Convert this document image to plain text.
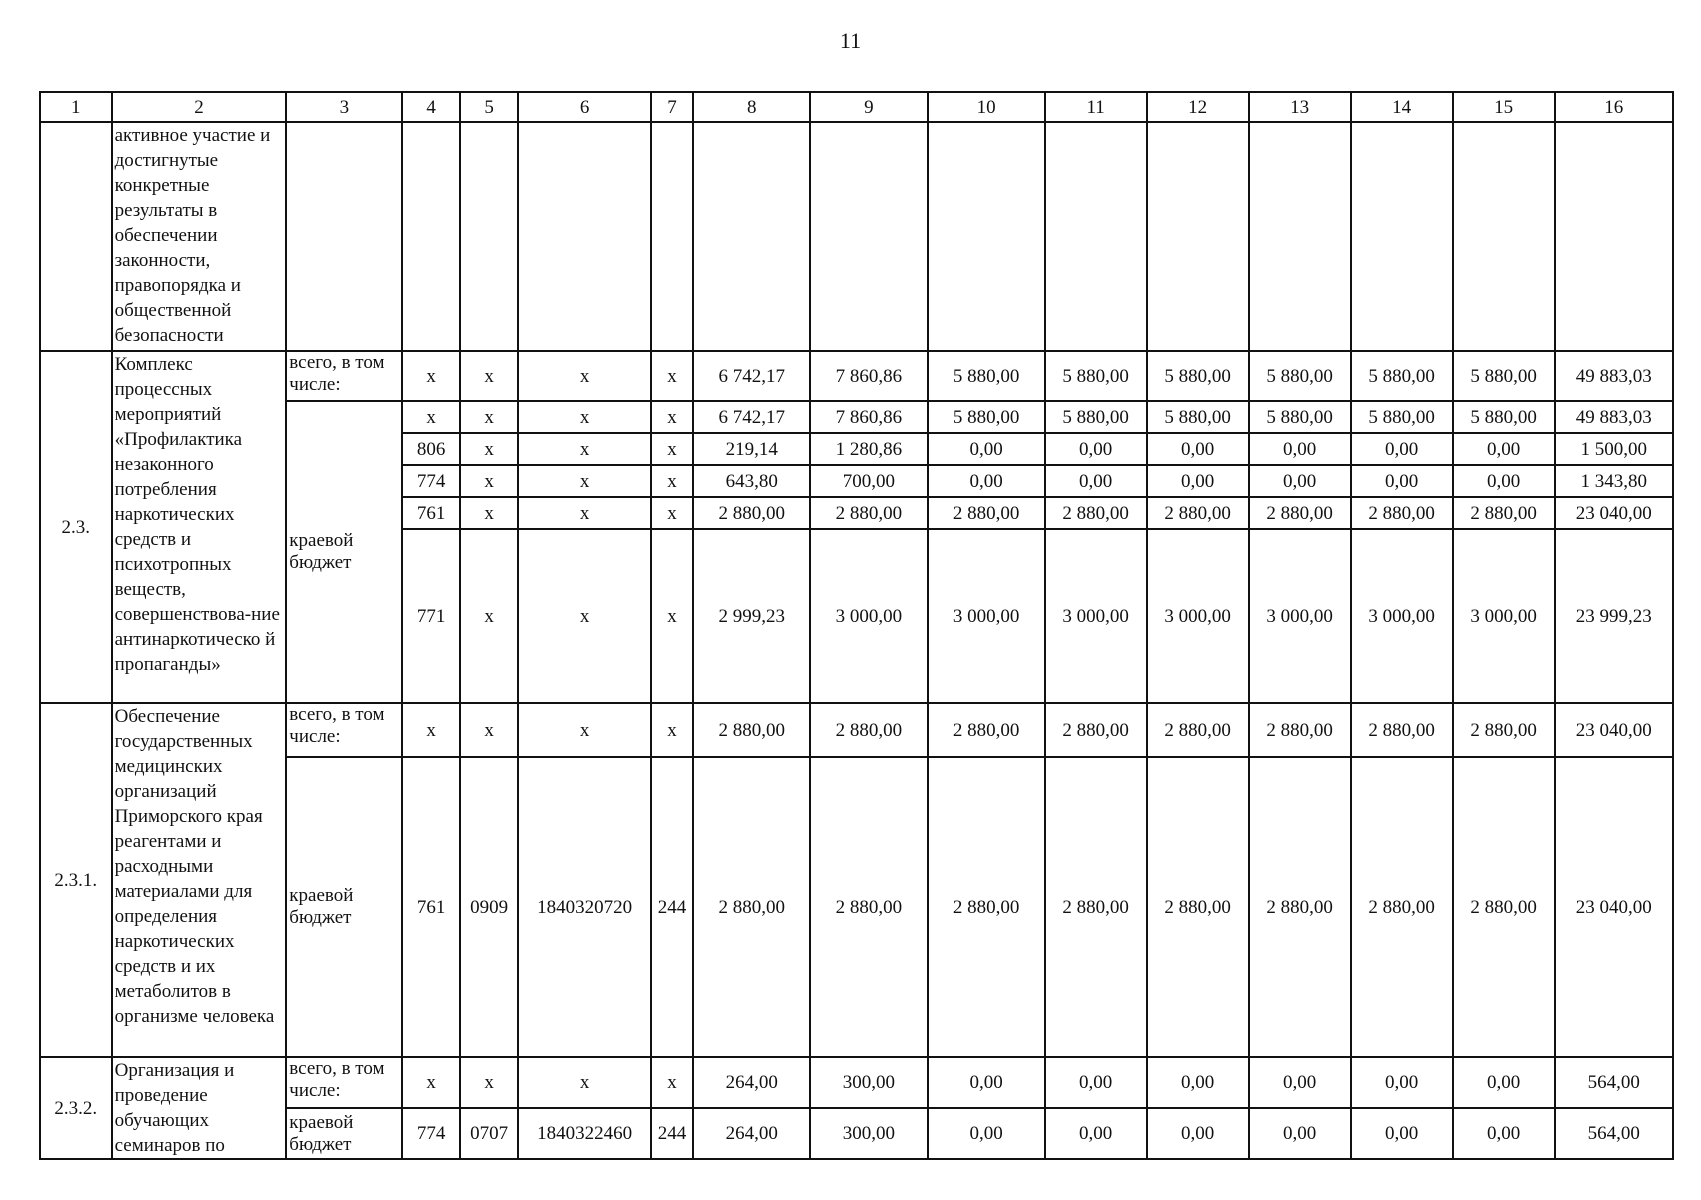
11
1	2	3	4	5	6	7	8	9	10	11	12	13	14	15	16
	активное участие и достигнутые конкретные результаты в обеспечении законности, правопорядка и общественной безопасности														
2.3.	Комплекс процессных мероприятий «Профилактика незаконного потребления наркотических средств и психотропных веществ, совершенствова-ние антинаркотическо й пропаганды»	всего, в том числе:	x	x	x	x	6 742,17	7 860,86	5 880,00	5 880,00	5 880,00	5 880,00	5 880,00	5 880,00	49 883,03
		краевой бюджет	x	x	x	x	6 742,17	7 860,86	5 880,00	5 880,00	5 880,00	5 880,00	5 880,00	5 880,00	49 883,03
			806	x	x	x	219,14	1 280,86	0,00	0,00	0,00	0,00	0,00	0,00	1 500,00
			774	x	x	x	643,80	700,00	0,00	0,00	0,00	0,00	0,00	0,00	1 343,80
			761	x	x	x	2 880,00	2 880,00	2 880,00	2 880,00	2 880,00	2 880,00	2 880,00	2 880,00	23 040,00
			771	x	x	x	2 999,23	3 000,00	3 000,00	3 000,00	3 000,00	3 000,00	3 000,00	3 000,00	23 999,23
2.3.1.	Обеспечение государственных медицинских организаций Приморского края реагентами и расходными материалами для определения наркотических средств и их метаболитов в организме человека	всего, в том числе:	x	x	x	x	2 880,00	2 880,00	2 880,00	2 880,00	2 880,00	2 880,00	2 880,00	2 880,00	23 040,00
		краевой бюджет	761	0909	1840320720	244	2 880,00	2 880,00	2 880,00	2 880,00	2 880,00	2 880,00	2 880,00	2 880,00	23 040,00
2.3.2.	Организация и проведение обучающих семинаров по	всего, в том числе:	x	x	x	x	264,00	300,00	0,00	0,00	0,00	0,00	0,00	0,00	564,00
		краевой бюджет	774	0707	1840322460	244	264,00	300,00	0,00	0,00	0,00	0,00	0,00	0,00	564,00
